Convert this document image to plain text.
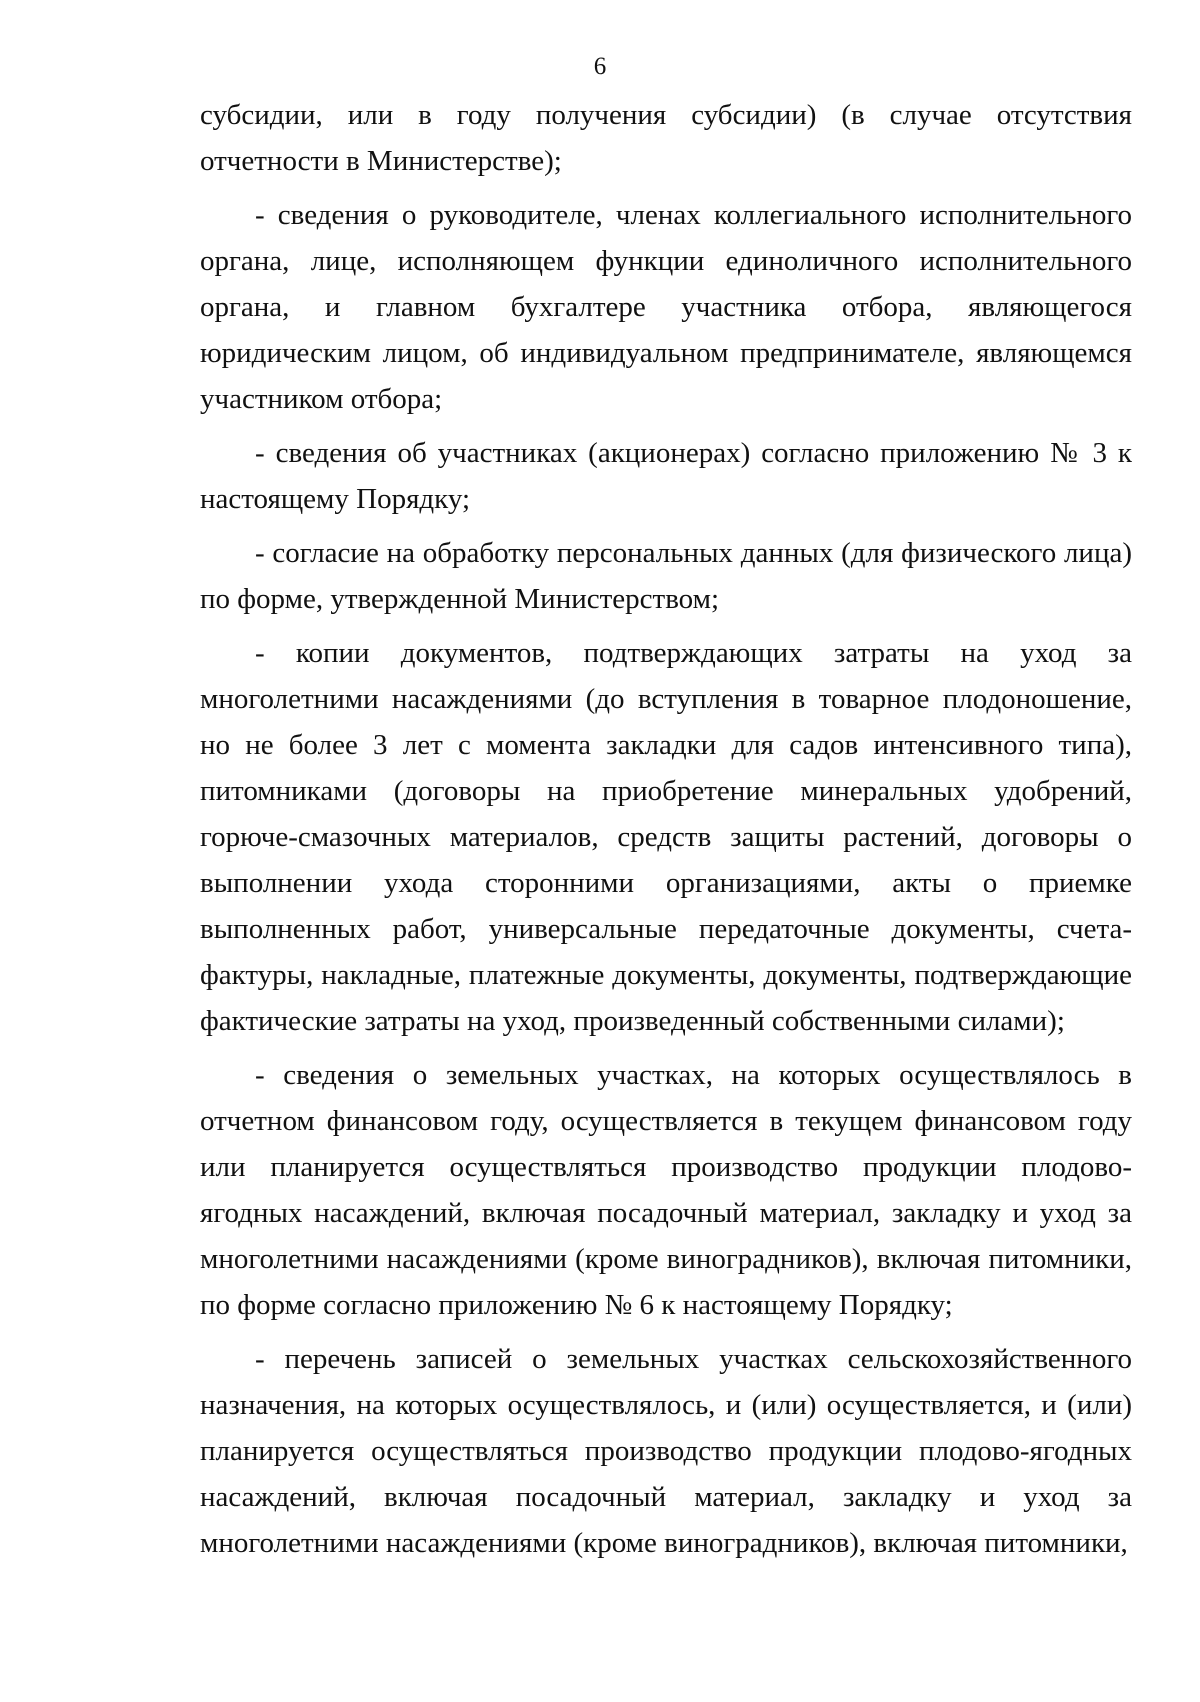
6

субсидии, или в году получения субсидии) (в случае отсутствия отчетности в Министерстве);

- сведения о руководителе, членах коллегиального исполнительного органа, лице, исполняющем функции единоличного исполнительного органа, и главном бухгалтере участника отбора, являющегося юридическим лицом, об индивидуальном предпринимателе, являющемся участником отбора;

- сведения об участниках (акционерах) согласно приложению № 3 к настоящему Порядку;

- согласие на обработку персональных данных (для физического лица) по форме, утвержденной Министерством;

- копии документов, подтверждающих затраты на уход за многолетними насаждениями (до вступления в товарное плодоношение, но не более 3 лет с момента закладки для садов интенсивного типа), питомниками (договоры на приобретение минеральных удобрений, горюче-смазочных материалов, средств защиты растений, договоры о выполнении ухода сторонними организациями, акты о приемке выполненных работ, универсальные передаточные документы, счета-фактуры, накладные, платежные документы, документы, подтверждающие фактические затраты на уход, произведенный собственными силами);

- сведения о земельных участках, на которых осуществлялось в отчетном финансовом году, осуществляется в текущем финансовом году или планируется осуществляться производство продукции плодово-ягодных насаждений, включая посадочный материал, закладку и уход за многолетними насаждениями (кроме виноградников), включая питомники, по форме согласно приложению № 6 к настоящему Порядку;

- перечень записей о земельных участках сельскохозяйственного назначения, на которых осуществлялось, и (или) осуществляется, и (или) планируется осуществляться производство продукции плодово-ягодных насаждений, включая посадочный материал, закладку и уход за многолетними насаждениями (кроме виноградников), включая питомники,
